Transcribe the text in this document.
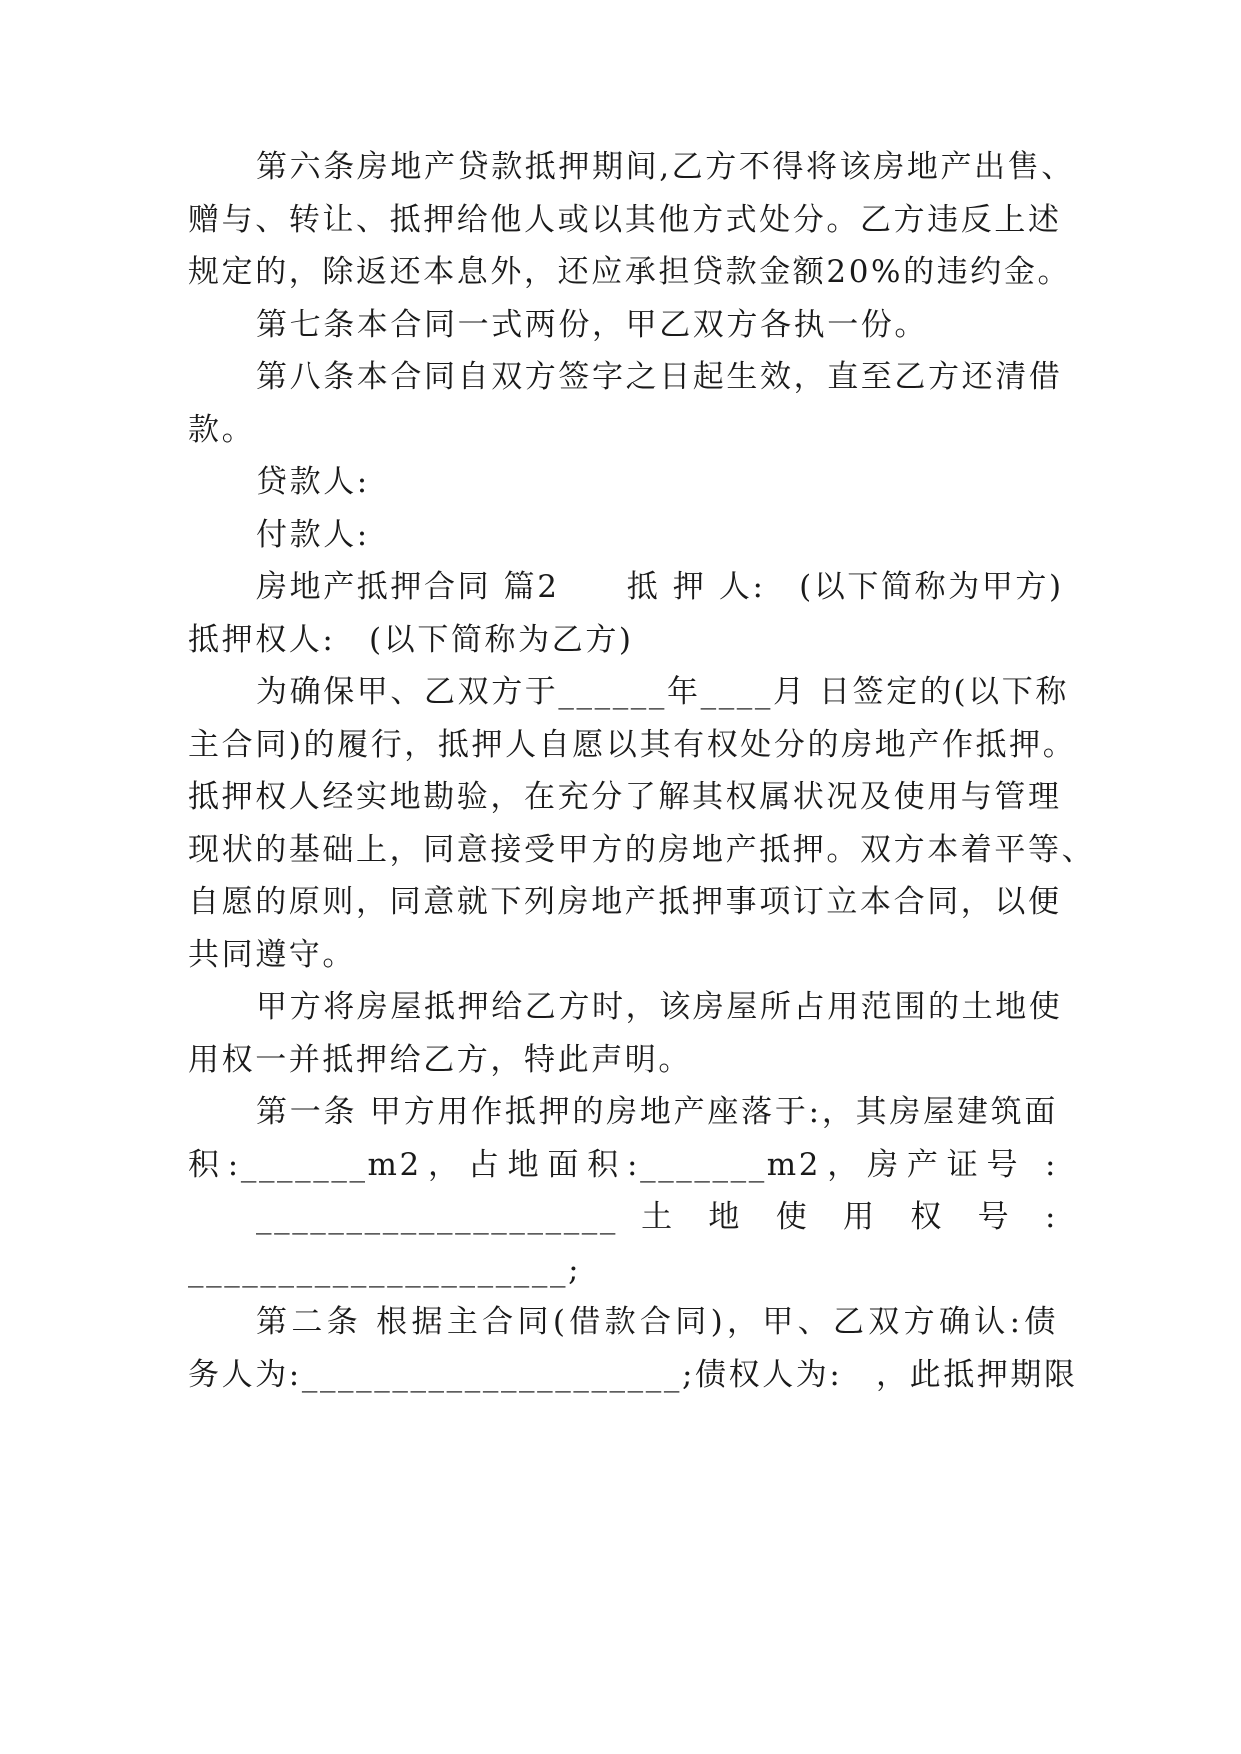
第六条房地产贷款抵押期间,乙方不得将该房地产出售、
赠与、转让、抵押给他人或以其他方式处分。乙方违反上述
规定的，除返还本息外，还应承担贷款金额20%的违约金。
第七条本合同一式两份，甲乙双方各执一份。
第八条本合同自双方签字之日起生效，直至乙方还清借
款。
贷款人:
付款人:
房地产抵押合同 篇2　　抵 押 人:　(以下简称为甲方)
抵押权人:　(以下简称为乙方)
为确保甲、乙双方于______年____月 日签定的(以下称
主合同)的履行，抵押人自愿以其有权处分的房地产作抵押。
抵押权人经实地勘验，在充分了解其权属状况及使用与管理
现状的基础上，同意接受甲方的房地产抵押。双方本着平等、
自愿的原则，同意就下列房地产抵押事项订立本合同，以便
共同遵守。
甲方将房屋抵押给乙方时，该房屋所占用范围的土地使
用权一并抵押给乙方，特此声明。
第一条 甲方用作抵押的房地产座落于:，其房屋建筑面
积:_______m2，占地面积:_______m2，房产证号 :
____________________ 土 地 使 用 权 号 :
_____________________;
第二条 根据主合同(借款合同)，甲、乙双方确认:债
务人为:_____________________;债权人为:　，此抵押期限
